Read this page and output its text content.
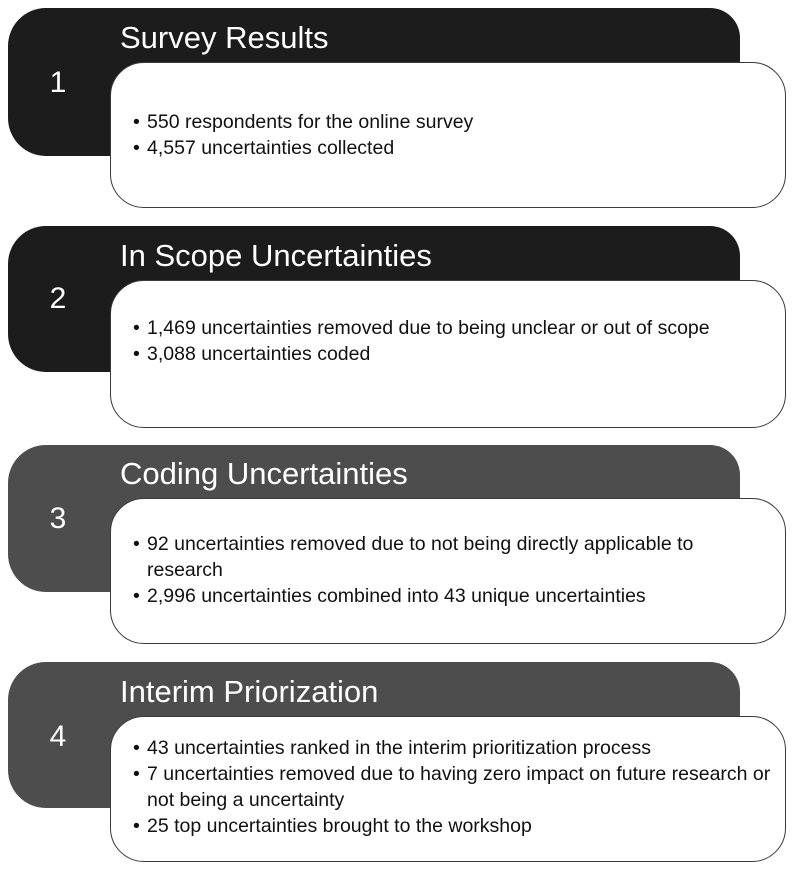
1
Survey Results
• 550 respondents for the online survey
• 4,557 uncertainties collected
2
In Scope Uncertainties
• 1,469 uncertainties removed due to being unclear or out of scope
• 3,088 uncertainties coded
3
Coding Uncertainties
• 92 uncertainties removed due to not being directly applicable to research
• 2,996 uncertainties combined into 43 unique uncertainties
4
Interim Priorization
• 43 uncertainties ranked in the interim prioritization process
• 7 uncertainties removed due to having zero impact on future research or not being a uncertainty
• 25 top uncertainties brought to the workshop
